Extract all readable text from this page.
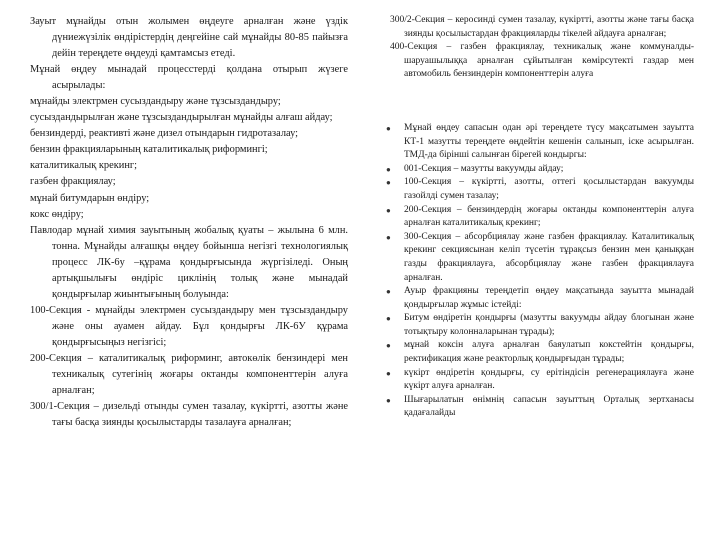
Зауыт мұнайды отын жолымен өңдеуге арналған және үздік дүниежүзілік өндірістердің деңгейіне сай мұнайды 80-85 пайызға дейін тереңдете өңдеуді қамтамсыз етеді.

Мұнай өңдеу мынадай процесстерді қолдана отырып жүзеге асырылады:

мұнайды электрмен сусыздандыру және тұзсыздандыру;

сусыздандырылған және тұзсыздандырылған мұнайды алғаш айдау;

бензиндерді, реактивті және дизел отындарын гидротазалау;

бензин фракцияларының каталитикалық риформингі;

каталитикалық крекинг;

газбен фракциялау;

мұнай битумдарын өндіру;

кокс өндіру;

Павлодар мұнай химия зауытының жобалық қуаты – жылына 6 млн. тонна. Мұнайды алғашқы өңдеу бойынша негізгі технологиялық процесс ЛК-6у –құрама қондырғысында жүргізіледі. Оның артықшылығы өндіріс циклінің толық және мынадай қондырғылар жиынтығының болуында:

100-Секция - мұнайды электрмен сусыздандыру мен тұзсыздандыру және оны ауамен айдау. Бұл қондырғы ЛК-6У құрама қондырғысыңыз негізгісі;

200-Секция – каталитикалық риформинг, автокөлік бензиндері мен техникалық сутегінің жоғары октанды компоненттерін алуға арналған;

300/1-Секция – дизельді отынды сумен тазалау, күкіртті, азотты және тағы басқа зиянды қосылыстарды тазалауға арналған;

300/2-Секция – керосинді сумен тазалау, күкіртті, азотты және тағы басқа зиянды қосылыстардан фракцияларды тікелей айдауға арналған;

400-Секция – газбен фракциялау, техникалық және коммуналды-шаруашылыққа арналған сұйытылған көмірсутекті газдар мен автомобиль бензиндерін компоненттерін алуға

● Мұнай өңдеу сапасын одан әрі тереңдете түсу мақсатымен зауытта КТ-1 мазутты тереңдете өңдейтін кешенін салынып, іске асырылған. ТМД-да бірінші салынған бірегей кондыргы:
● 001-Секция – мазутты вакуумды айдау;
● 100-Секция – күкіртті, азотты, оттегі қосылыстардан вакуумды газойлді сумен тазалау;
● 200-Секция – бензиндердің жоғары октанды компоненттерін алуға арналған каталитикалық крекинг;
● 300-Секция – абсорбциялау және газбен фракциялау. Каталитикалық крекинг секциясынан келіп түсетін тұрақсыз бензин мен қаныққан газды фракциялауға, абсорбциялау және газбен фракциялауға арналған.
● Ауыр фракцияны тереңдетіп өңдеу мақсатында зауытта мынадай қондырғылар жұмыс істейді:
● Битум өндіретін қондырғы (мазутты вакуумды айдау блогынан және тотықтыру колонналарынан тұрады);
● мұнай коксін алуға арналған баяулатып кокстейтін қондырғы, ректификация және реакторлық қондырғыдан тұрады;
● күкірт өндіретін қондырғы, су ерітіндісін регенерациялауға және күкірт алуға арналған.
● Шығарылатын өнімнің сапасын зауыттың Орталық зертханасы қадағалайды
